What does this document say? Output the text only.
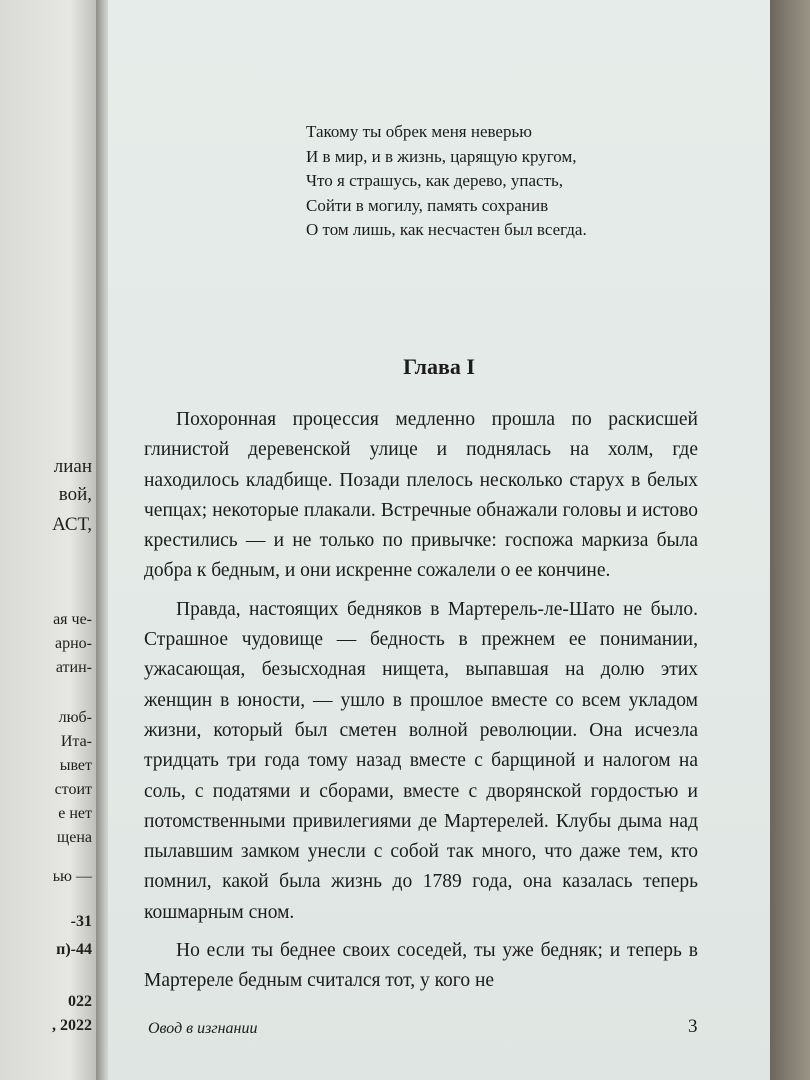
лиан
вой,
АСТ,
ая че-
арно-
атин-
люб-
Ита-
ывет
стоит
е нет
щена
ью —
-31
п)-44
022
, 2022
Такому ты обрек меня неверью
И в мир, и в жизнь, царящую кругом,
Что я страшусь, как дерево, упасть,
Сойти в могилу, память сохранив
О том лишь, как несчастен был всегда.
Глава I

Похоронная процессия медленно прошла по раскисшей глинистой деревенской улице и поднялась на холм, где находилось кладбище. Позади плелось несколько старух в белых чепцах; некоторые плакали. Встречные обнажали головы и истово крестились — и не только по привычке: госпожа маркиза была добра к бедным, и они искренне сожалели о ее кончине.

Правда, настоящих бедняков в Мартерель-ле-Шато не было. Страшное чудовище — бедность в прежнем ее понимании, ужасающая, безысходная нищета, выпавшая на долю этих женщин в юности, — ушло в прошлое вместе со всем укладом жизни, который был сметен волной революции. Она исчезла тридцать три года тому назад вместе с барщиной и налогом на соль, с податями и сборами, вместе с дворянской гордостью и потомственными привилегиями де Мартерелей. Клубы дыма над пылавшим замком унесли с собой так много, что даже тем, кто помнил, какой была жизнь до 1789 года, она казалась теперь кошмарным сном.

Но если ты беднее своих соседей, ты уже бедняк; и теперь в Мартереле бедным считался тот, у кого не

Овод в изгнании	3
